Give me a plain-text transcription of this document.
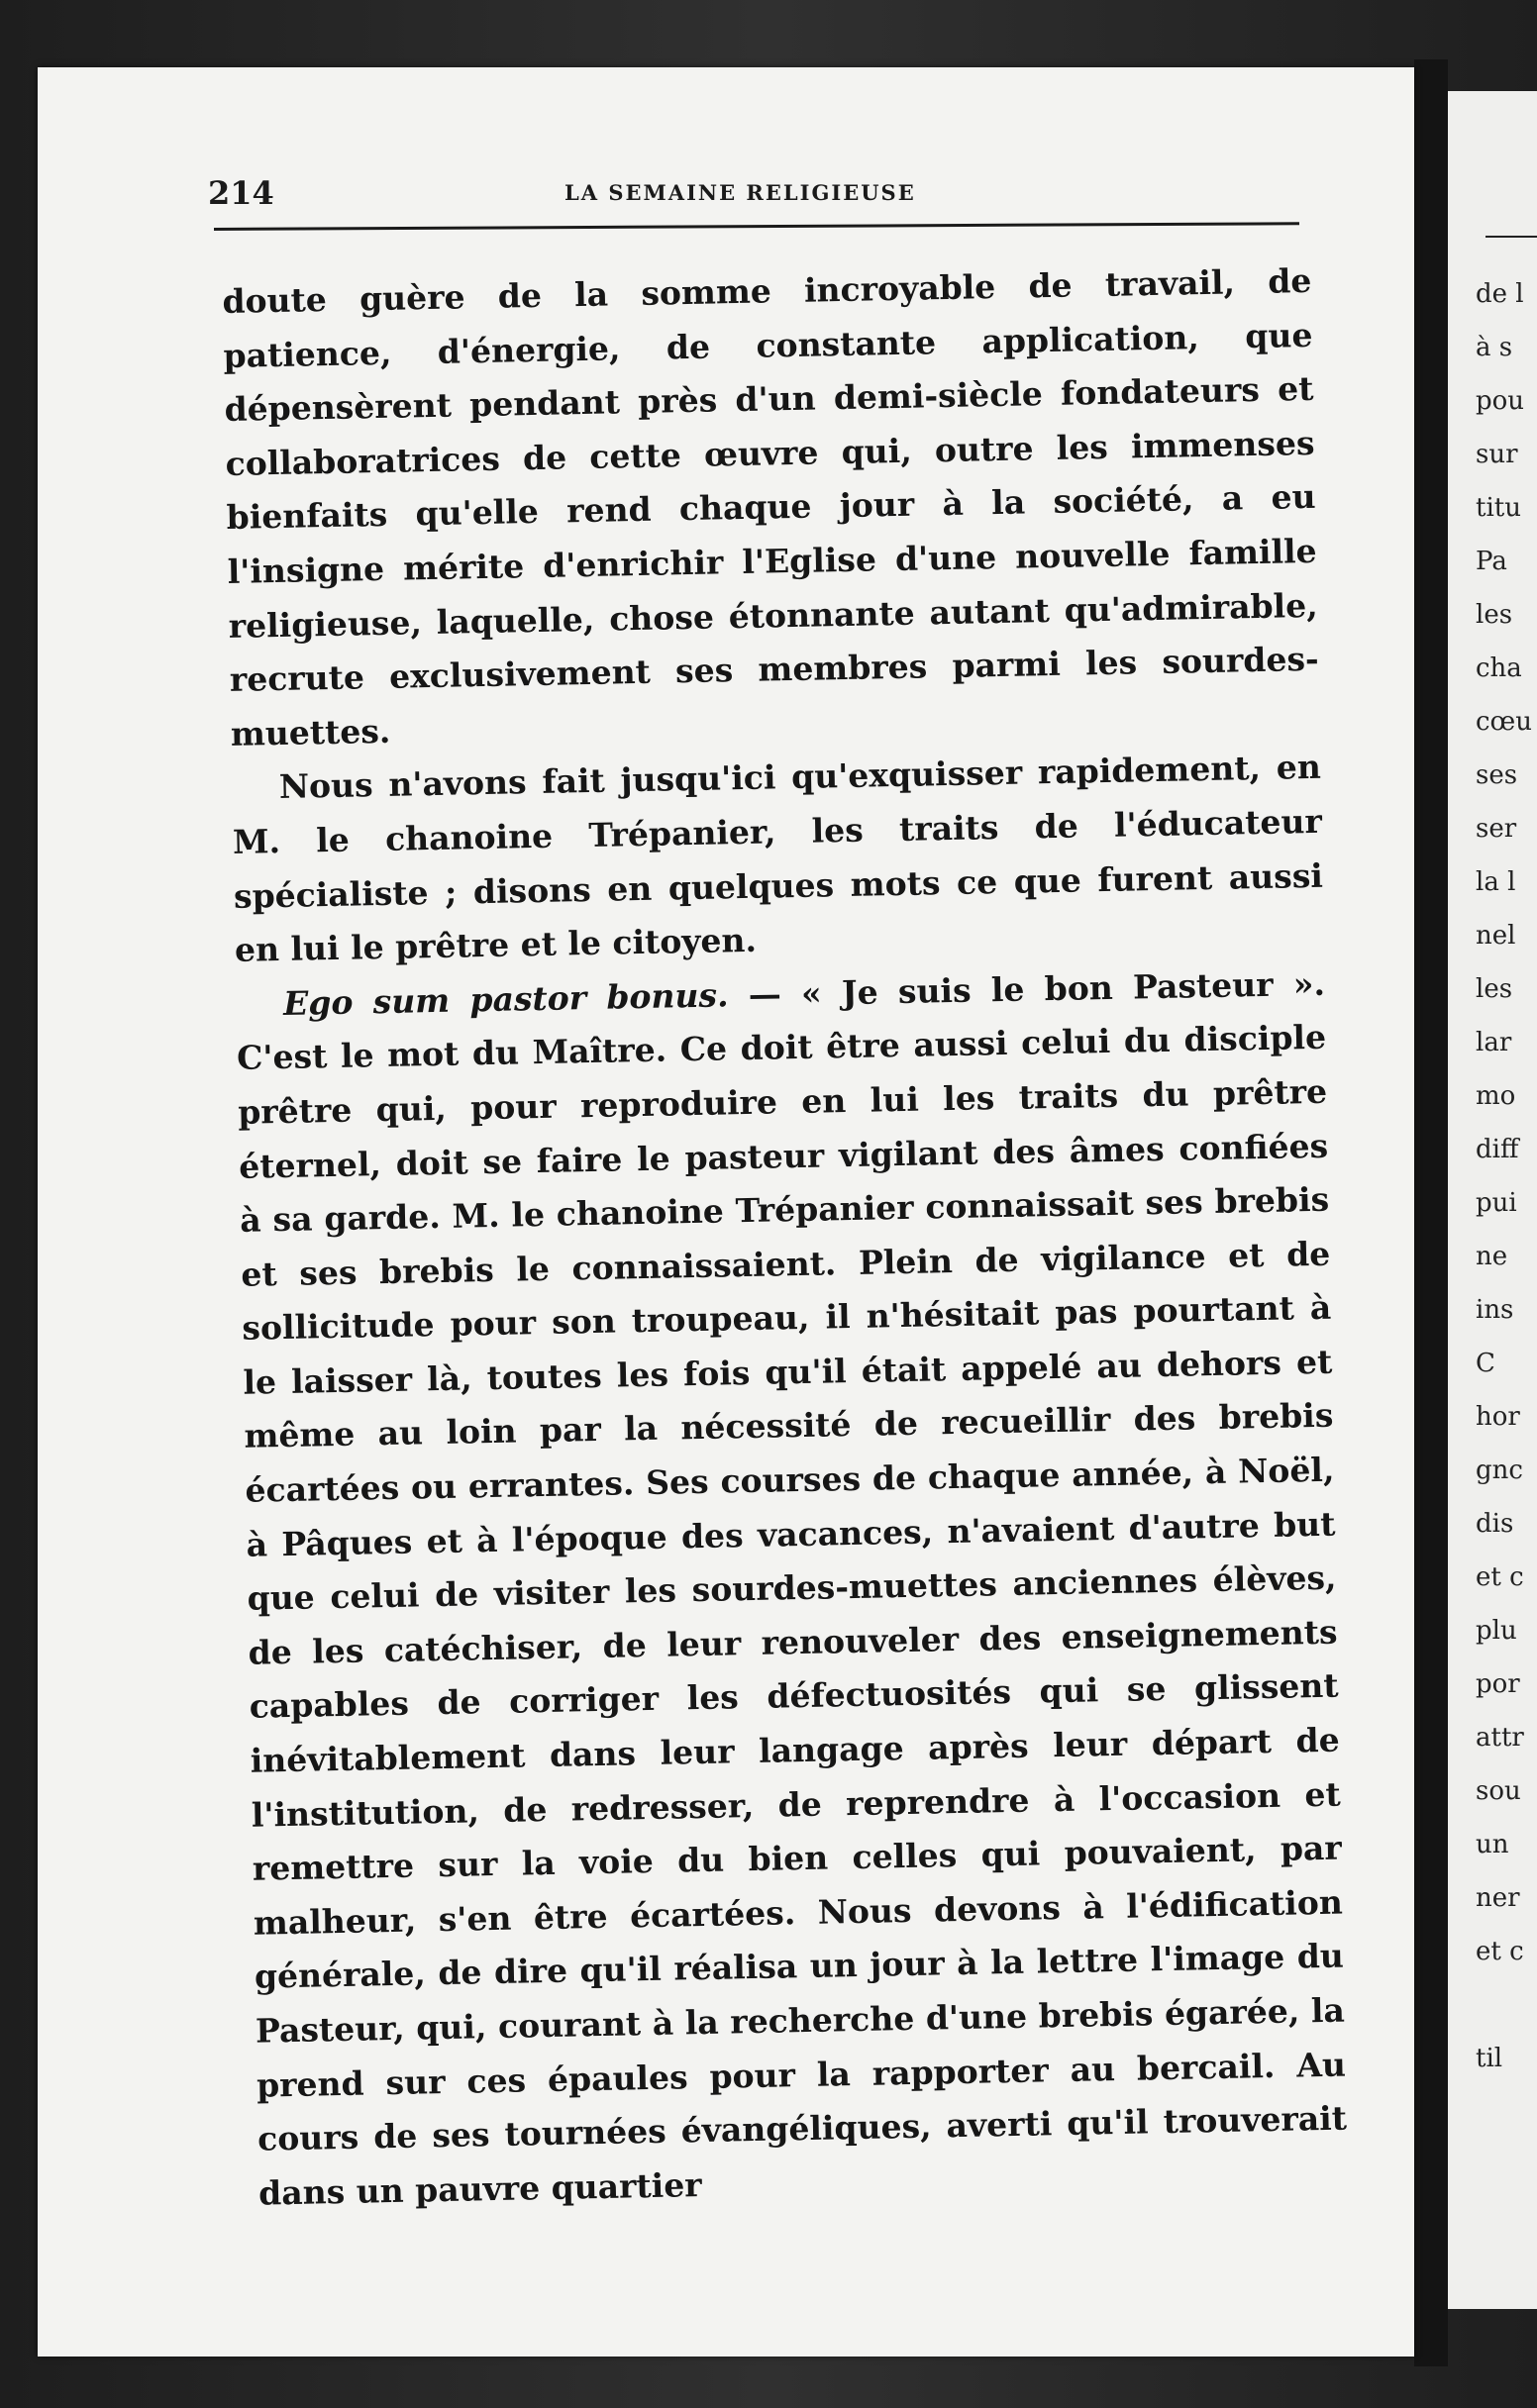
de l
à s
pou
sur
titu
Pa
les
cha
cœu
ses
ser
la l
nel
les
lar
mo
diff
pui
ne
ins
C
hor
gnc
dis
et c
plu
por
attr
sou
un
ner
et c

til
214	LA SEMAINE RELIGIEUSE

doute guère de la somme incroyable de travail, de patience, d'énergie, de constante application, que dépensèrent pendant près d'un demi-siècle fondateurs et collaboratrices de cette œuvre qui, outre les immenses bienfaits qu'elle rend chaque jour à la société, a eu l'insigne mérite d'enrichir l'Eglise d'une nouvelle famille religieuse, laquelle, chose étonnante autant qu'admirable, recrute exclusivement ses membres parmi les sourdes-muettes.

Nous n'avons fait jusqu'ici qu'exquisser rapidement, en M. le chanoine Trépanier, les traits de l'éducateur spécialiste ; disons en quelques mots ce que furent aussi en lui le prêtre et le citoyen.

Ego sum pastor bonus. — « Je suis le bon Pasteur ». C'est le mot du Maître. Ce doit être aussi celui du disciple prêtre qui, pour reproduire en lui les traits du prêtre éternel, doit se faire le pasteur vigilant des âmes confiées à sa garde. M. le chanoine Trépanier connaissait ses brebis et ses brebis le connaissaient. Plein de vigilance et de sollicitude pour son troupeau, il n'hésitait pas pourtant à le laisser là, toutes les fois qu'il était appelé au dehors et même au loin par la nécessité de recueillir des brebis écartées ou errantes. Ses courses de chaque année, à Noël, à Pâques et à l'époque des vacances, n'avaient d'autre but que celui de visiter les sourdes-muettes anciennes élèves, de les catéchiser, de leur renouveler des enseignements capables de corriger les défectuosités qui se glissent inévitablement dans leur langage après leur départ de l'institution, de redresser, de reprendre à l'occasion et remettre sur la voie du bien celles qui pouvaient, par malheur, s'en être écartées. Nous devons à l'édification générale, de dire qu'il réalisa un jour à la lettre l'image du Pasteur, qui, courant à la recherche d'une brebis égarée, la prend sur ces épaules pour la rapporter au bercail. Au cours de ses tournées évangéliques, averti qu'il trouverait dans un pauvre quartier
